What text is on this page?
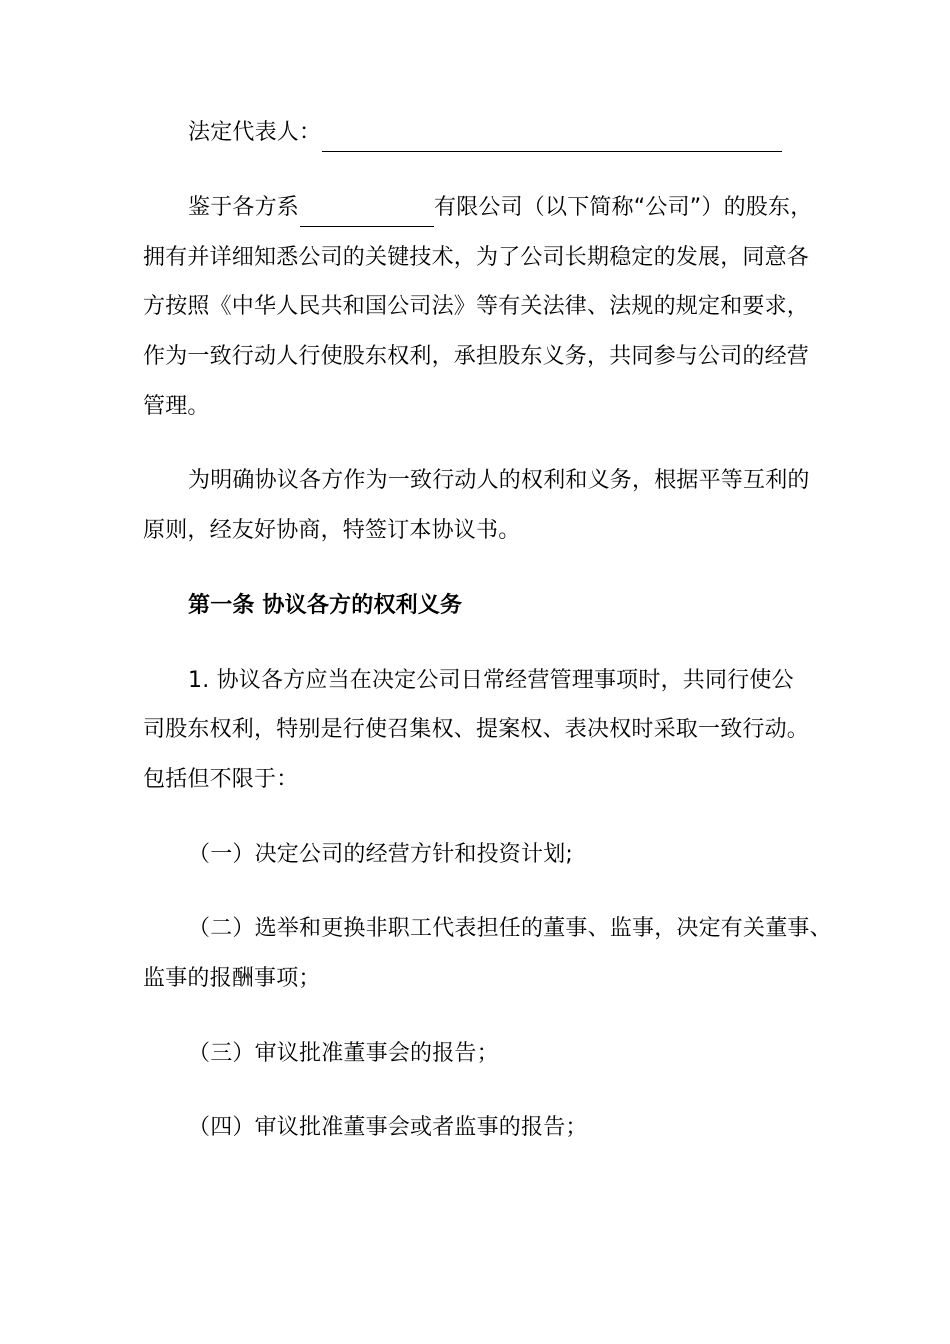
法定代表人：
鉴于各方系	有限公司（以下简称“公司”）的股东，
拥有并详细知悉公司的关键技术，为了公司长期稳定的发展，同意各
方按照《中华人民共和国公司法》等有关法律、法规的规定和要求，
作为一致行动人行使股东权利，承担股东义务，共同参与公司的经营
管理。
为明确协议各方作为一致行动人的权利和义务，根据平等互利的
原则，经友好协商，特签订本协议书。
第一条 协议各方的权利义务
1. 协议各方应当在决定公司日常经营管理事项时，共同行使公
司股东权利，特别是行使召集权、提案权、表决权时采取一致行动。
包括但不限于：
（一）决定公司的经营方针和投资计划;
（二）选举和更换非职工代表担任的董事、监事，决定有关董事、
监事的报酬事项；
（三）审议批准董事会的报告；
（四）审议批准董事会或者监事的报告；
